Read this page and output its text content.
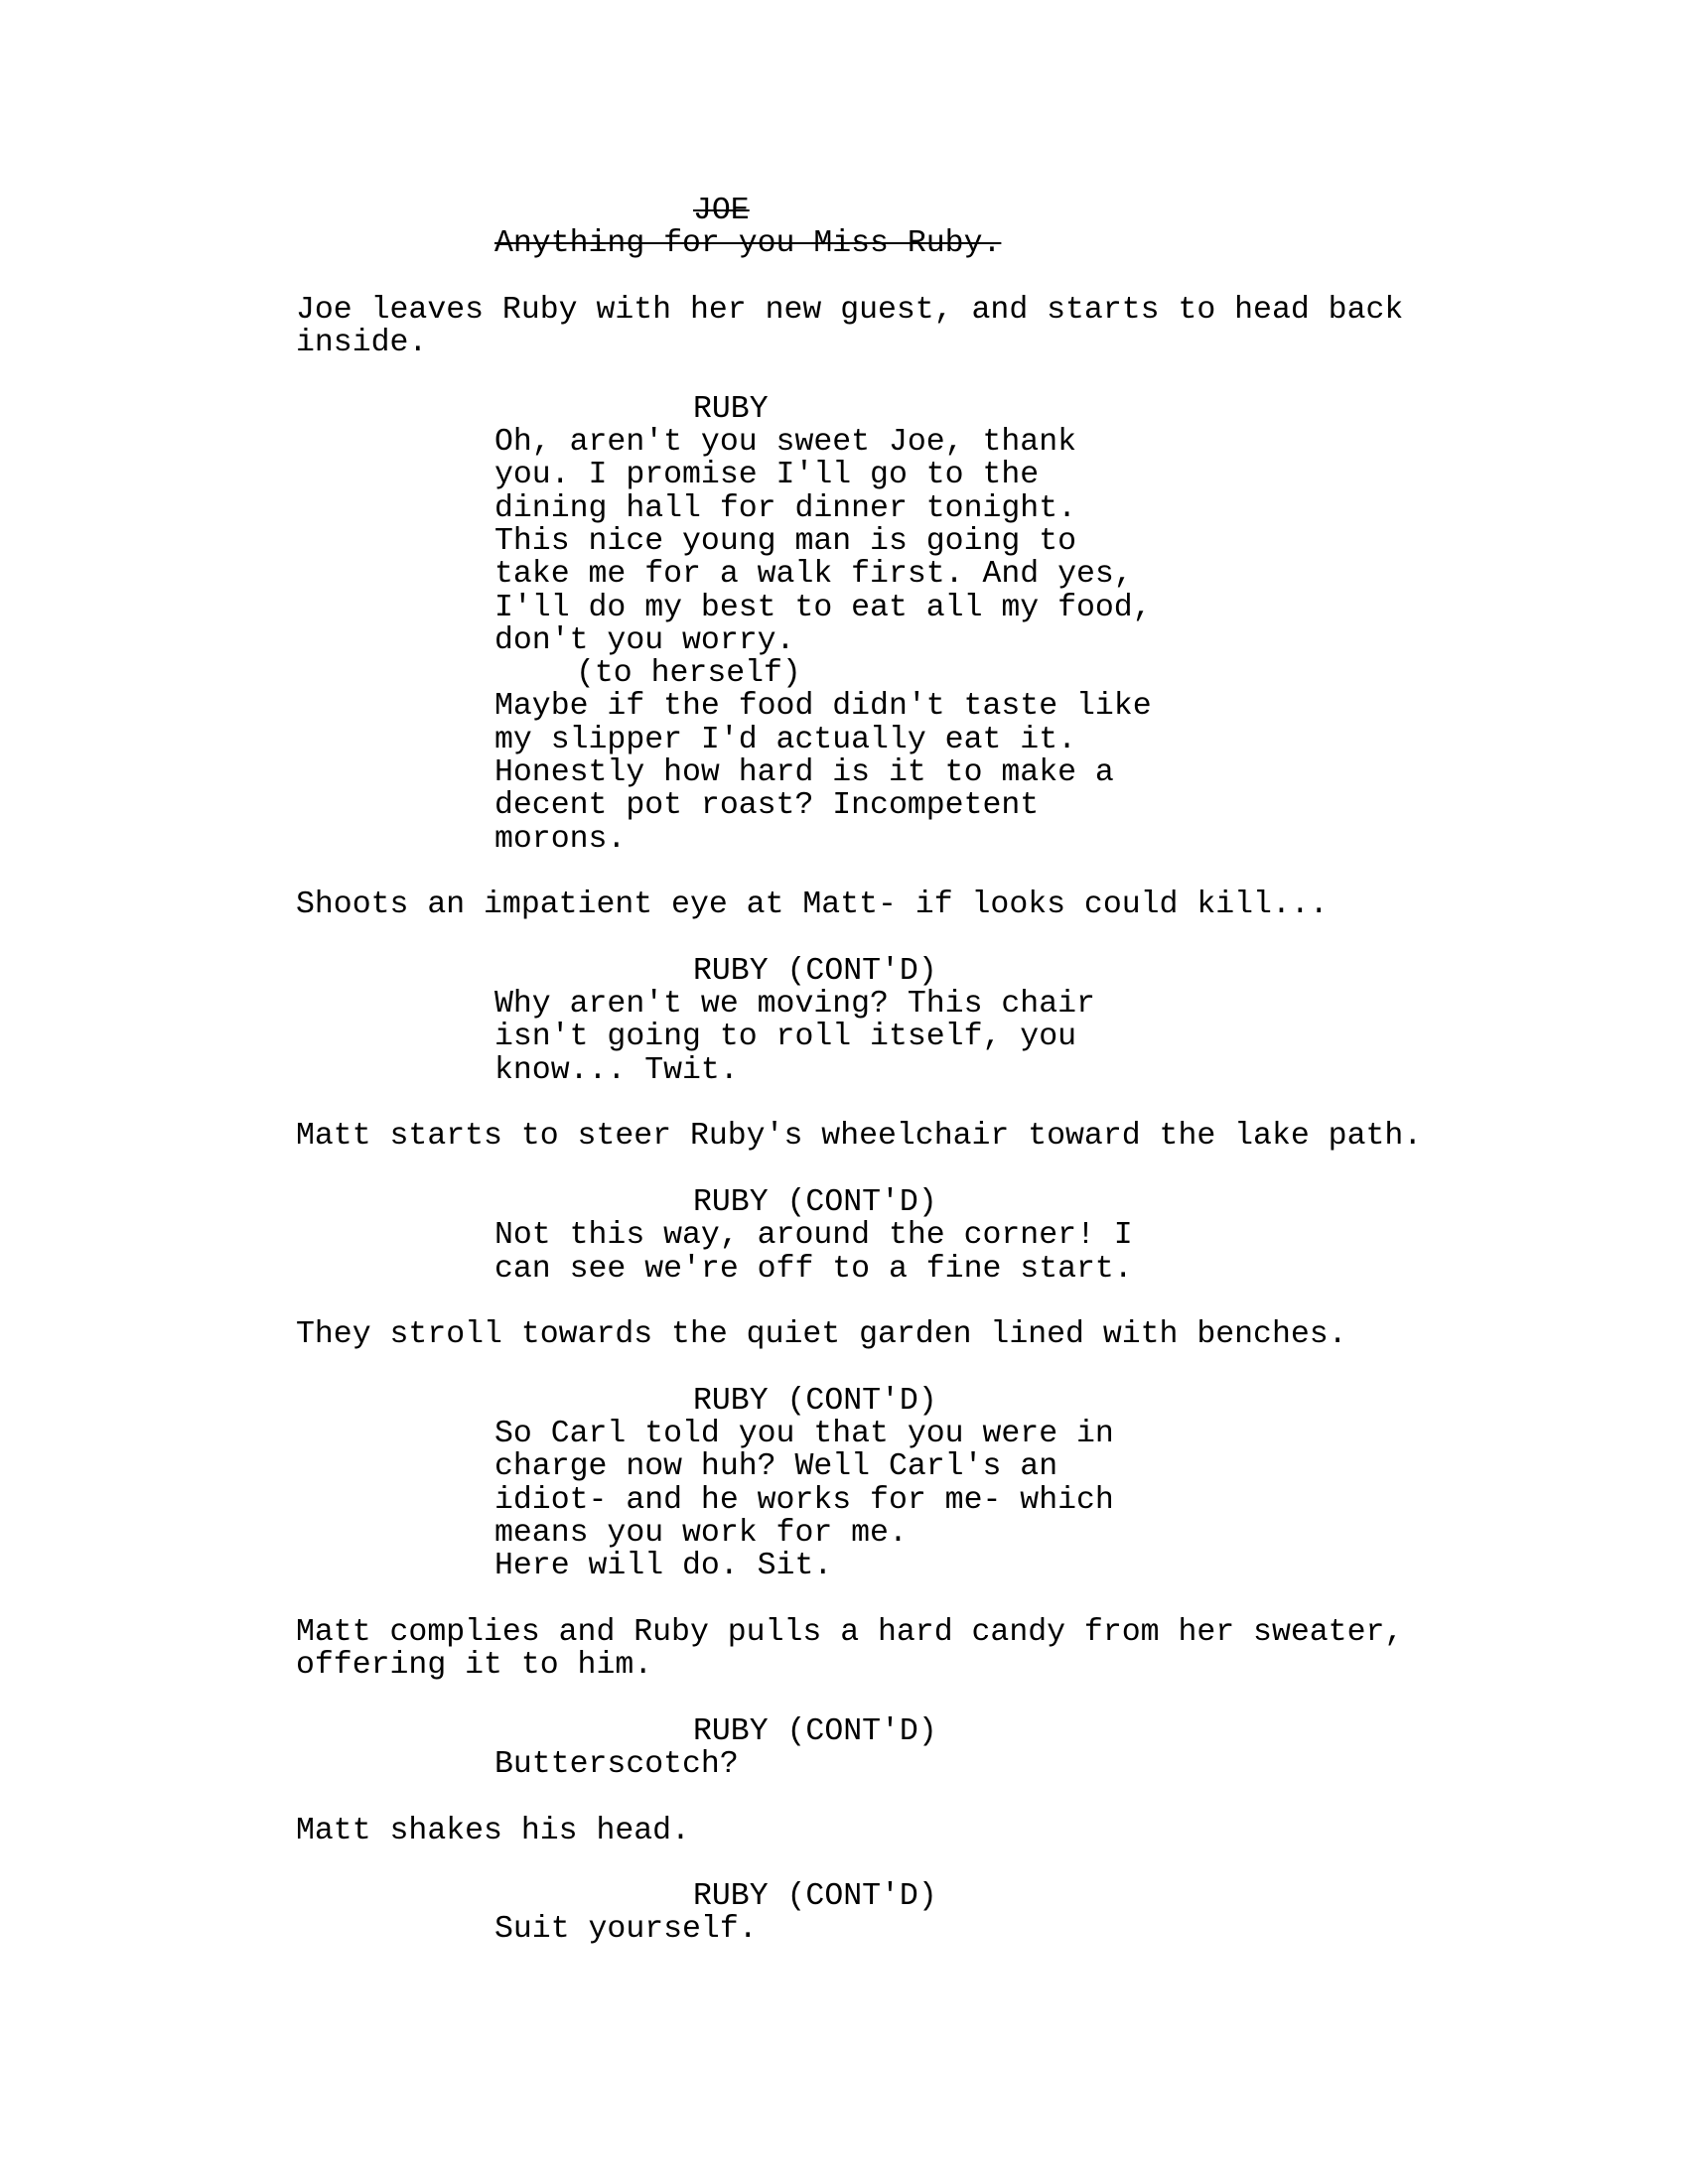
JOE
Anything for you Miss Ruby.
Joe leaves Ruby with her new guest, and starts to head back
inside.
RUBY
Oh, aren't you sweet Joe, thank
you. I promise I'll go to the
dining hall for dinner tonight.
This nice young man is going to
take me for a walk first. And yes,
I'll do my best to eat all my food,
don't you worry.
(to herself)
Maybe if the food didn't taste like
my slipper I'd actually eat it.
Honestly how hard is it to make a
decent pot roast? Incompetent
morons.
Shoots an impatient eye at Matt- if looks could kill...
RUBY (CONT'D)
Why aren't we moving? This chair
isn't going to roll itself, you
know... Twit.
Matt starts to steer Ruby's wheelchair toward the lake path.
RUBY (CONT'D)
Not this way, around the corner! I
can see we're off to a fine start.
They stroll towards the quiet garden lined with benches.
RUBY (CONT'D)
So Carl told you that you were in
charge now huh? Well Carl's an
idiot- and he works for me- which
means you work for me.
Here will do. Sit.
Matt complies and Ruby pulls a hard candy from her sweater,
offering it to him.
RUBY (CONT'D)
Butterscotch?
Matt shakes his head.
RUBY (CONT'D)
Suit yourself.
